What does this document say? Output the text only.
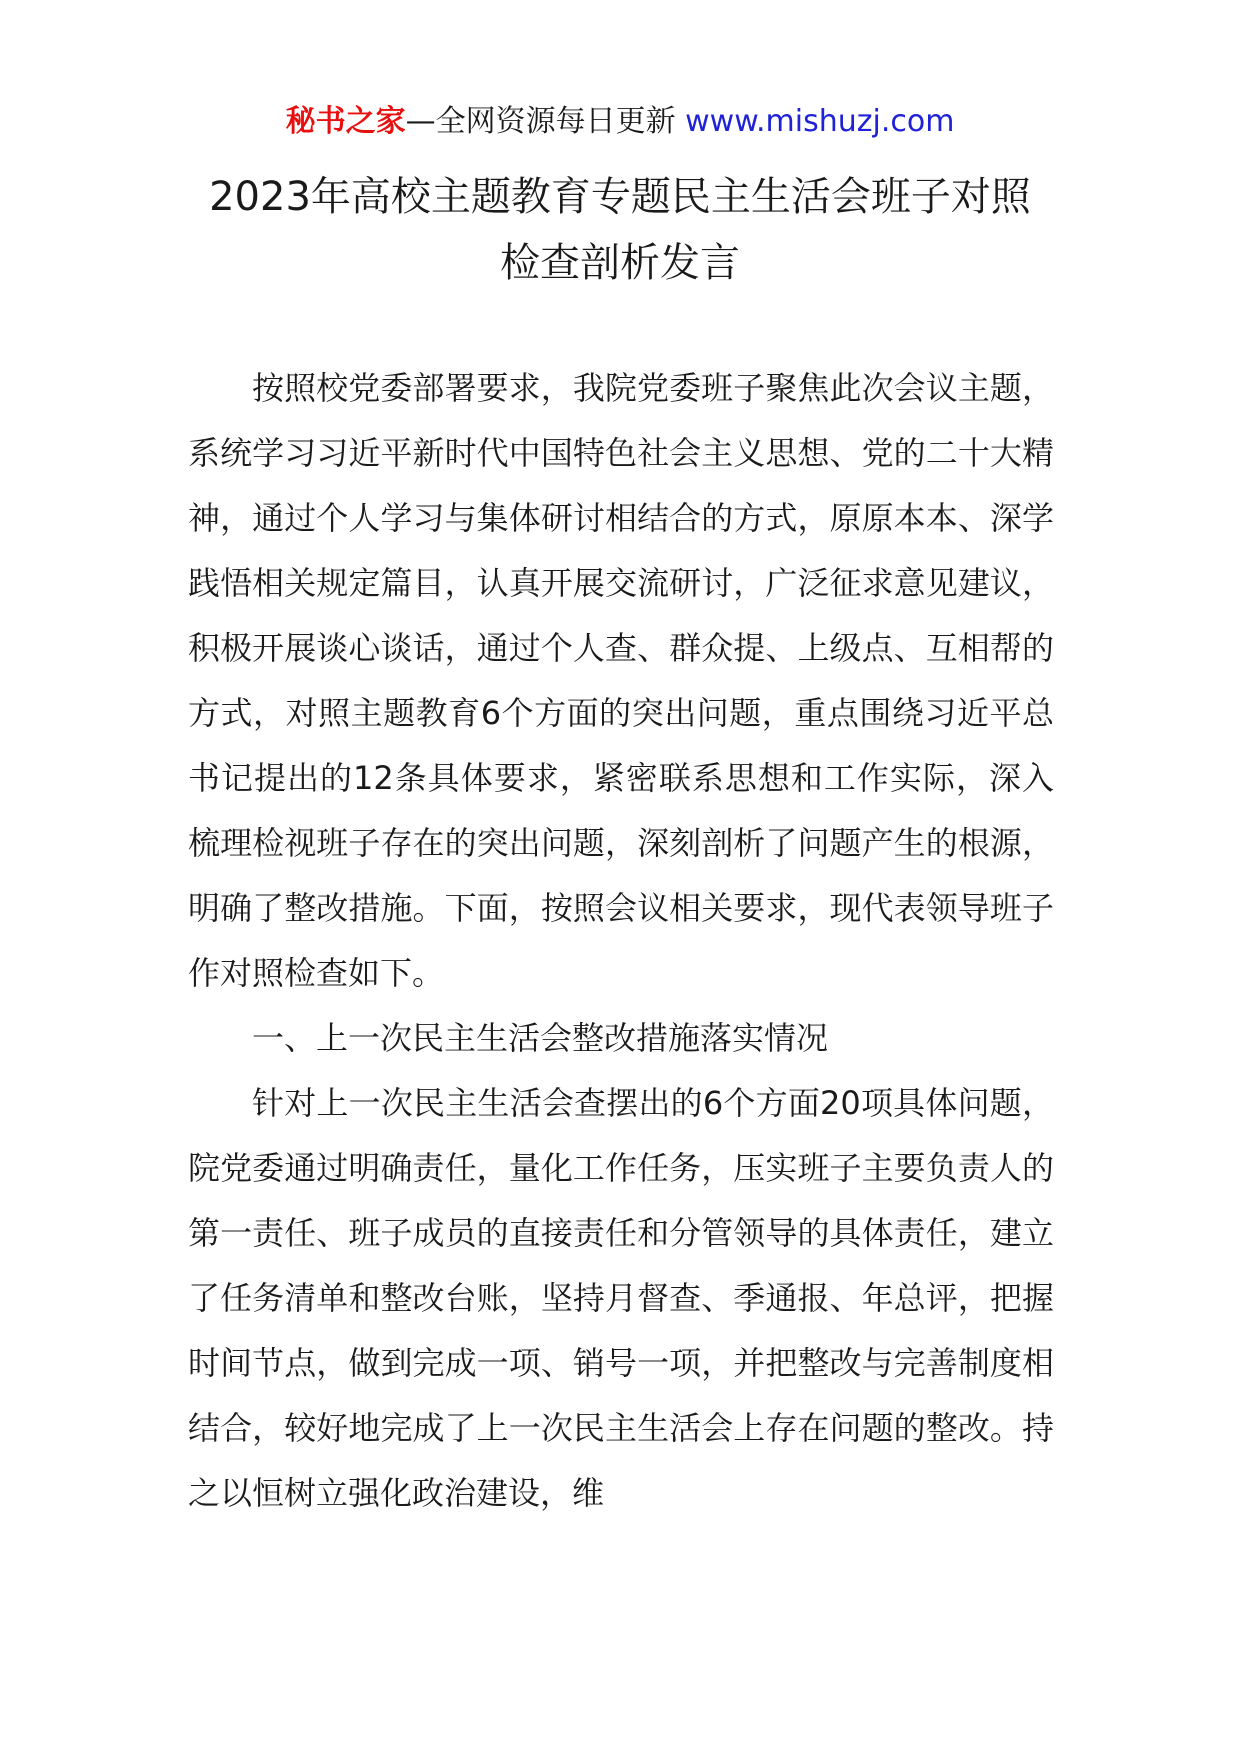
秘书之家—全网资源每日更新 www.mishuzj.com
2023年高校主题教育专题民主生活会班子对照
检查剖析发言

按照校党委部署要求，我院党委班子聚焦此次会议主题，系统学习习近平新时代中国特色社会主义思想、党的二十大精神，通过个人学习与集体研讨相结合的方式，原原本本、深学践悟相关规定篇目，认真开展交流研讨，广泛征求意见建议，积极开展谈心谈话，通过个人查、群众提、上级点、互相帮的方式，对照主题教育6个方面的突出问题，重点围绕习近平总书记提出的12条具体要求，紧密联系思想和工作实际，深入梳理检视班子存在的突出问题，深刻剖析了问题产生的根源，明确了整改措施。下面，按照会议相关要求，现代表领导班子作对照检查如下。

一、上一次民主生活会整改措施落实情况

针对上一次民主生活会查摆出的6个方面20项具体问题，院党委通过明确责任，量化工作任务，压实班子主要负责人的第一责任、班子成员的直接责任和分管领导的具体责任，建立了任务清单和整改台账，坚持月督查、季通报、年总评，把握时间节点，做到完成一项、销号一项，并把整改与完善制度相结合，较好地完成了上一次民主生活会上存在问题的整改。持之以恒树立强化政治建设，维
